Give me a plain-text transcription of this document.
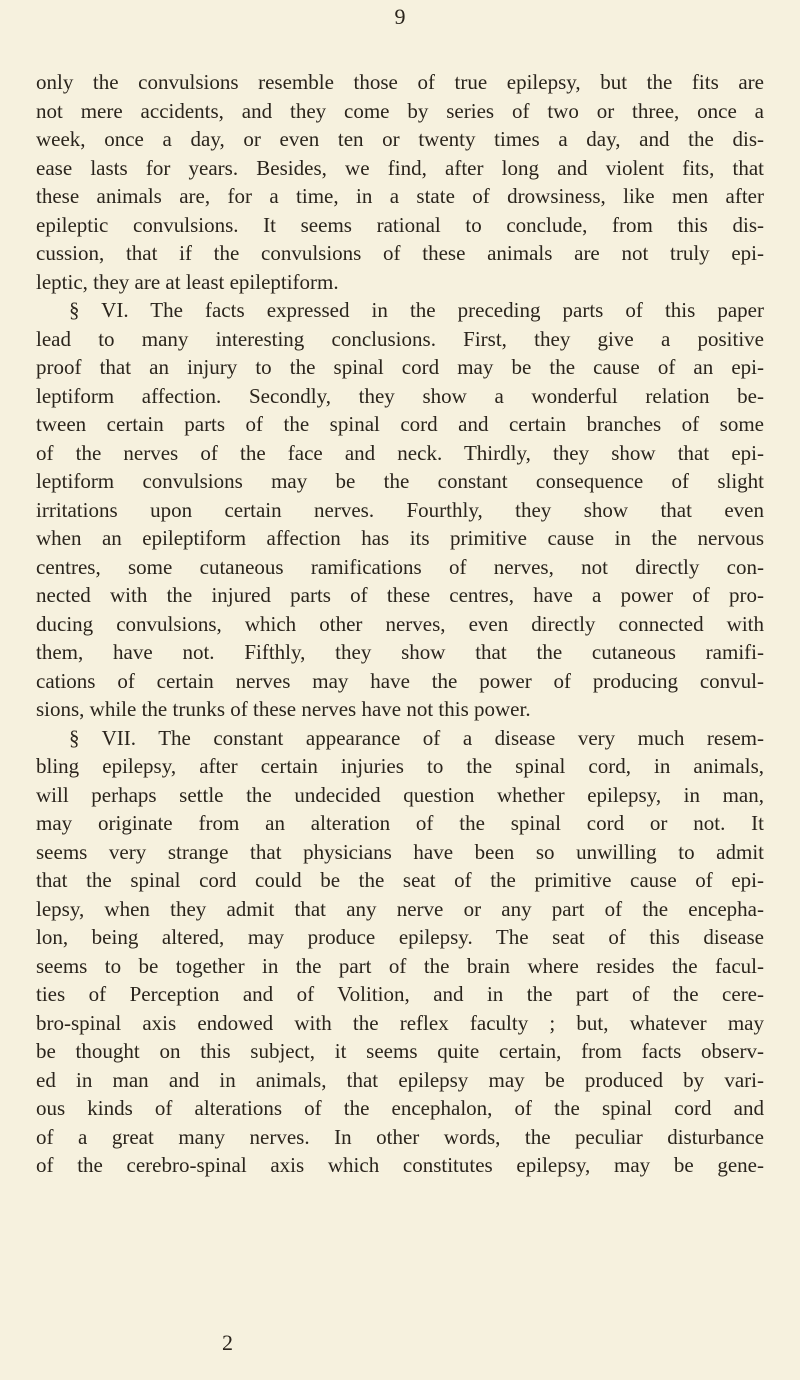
9
only the convulsions resemble those of true epilepsy, but the fits are
not mere accidents, and they come by series of two or three, once a
week, once a day, or even ten or twenty times a day, and the dis-
ease lasts for years. Besides, we find, after long and violent fits, that
these animals are, for a time, in a state of drowsiness, like men after
epileptic convulsions. It seems rational to conclude, from this dis-
cussion, that if the convulsions of these animals are not truly epi-
leptic, they are at least epileptiform.
§ VI. The facts expressed in the preceding parts of this paper
lead to many interesting conclusions. First, they give a positive
proof that an injury to the spinal cord may be the cause of an epi-
leptiform affection. Secondly, they show a wonderful relation be-
tween certain parts of the spinal cord and certain branches of some
of the nerves of the face and neck. Thirdly, they show that epi-
leptiform convulsions may be the constant consequence of slight
irritations upon certain nerves. Fourthly, they show that even
when an epileptiform affection has its primitive cause in the nervous
centres, some cutaneous ramifications of nerves, not directly con-
nected with the injured parts of these centres, have a power of pro-
ducing convulsions, which other nerves, even directly connected with
them, have not. Fifthly, they show that the cutaneous ramifi-
cations of certain nerves may have the power of producing convul-
sions, while the trunks of these nerves have not this power.
§ VII. The constant appearance of a disease very much resem-
bling epilepsy, after certain injuries to the spinal cord, in animals,
will perhaps settle the undecided question whether epilepsy, in man,
may originate from an alteration of the spinal cord or not. It
seems very strange that physicians have been so unwilling to admit
that the spinal cord could be the seat of the primitive cause of epi-
lepsy, when they admit that any nerve or any part of the encepha-
lon, being altered, may produce epilepsy. The seat of this disease
seems to be together in the part of the brain where resides the facul-
ties of Perception and of Volition, and in the part of the cere-
bro-spinal axis endowed with the reflex faculty ; but, whatever may
be thought on this subject, it seems quite certain, from facts observ-
ed in man and in animals, that epilepsy may be produced by vari-
ous kinds of alterations of the encephalon, of the spinal cord and
of a great many nerves. In other words, the peculiar disturbance
of the cerebro-spinal axis which constitutes epilepsy, may be gene-
2
